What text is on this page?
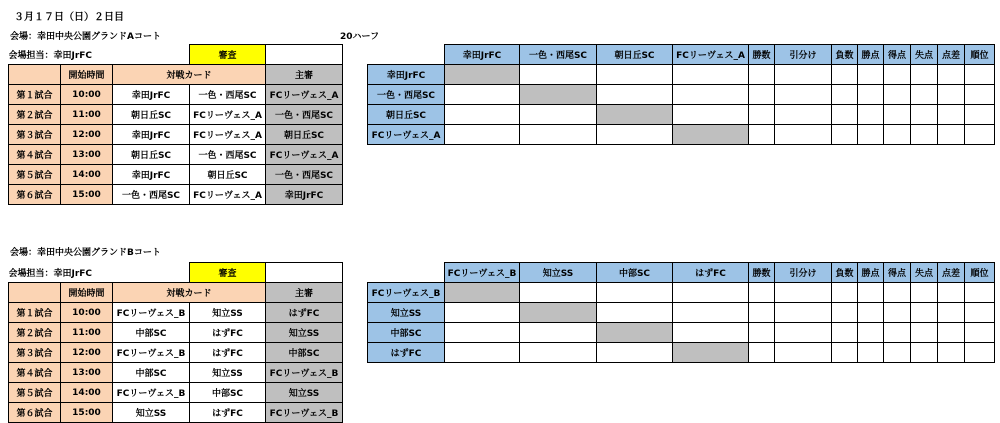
３月１７日（日）２日目
会場：幸田中央公園グランドAコート	20ハーフ
会場担当：幸田JrFC			審査	
	開始時間	対戦カード		主審
第１試合	10:00	幸田JrFC	一色・西尾SC	FCリーヴェス_A
第２試合	11:00	朝日丘SC	FCリーヴェス_A	一色・西尾SC
第３試合	12:00	幸田JrFC	FCリーヴェス_A	朝日丘SC
第４試合	13:00	朝日丘SC	一色・西尾SC	FCリーヴェス_A
第５試合	14:00	幸田JrFC	朝日丘SC	一色・西尾SC
第６試合	15:00	一色・西尾SC	FCリーヴェス_A	幸田JrFC
	幸田JrFC	一色・西尾SC	朝日丘SC	FCリーヴェス_A	勝数	引分け	負数	勝点	得点	失点	点差	順位
幸田JrFC												
一色・西尾SC												
朝日丘SC												
FCリーヴェス_A												
会場：幸田中央公園グランドBコート
会場担当：幸田JrFC			審査	
	開始時間	対戦カード		主審
第１試合	10:00	FCリーヴェス_B	知立SS	はずFC
第２試合	11:00	中部SC	はずFC	知立SS
第３試合	12:00	FCリーヴェス_B	はずFC	中部SC
第４試合	13:00	中部SC	知立SS	FCリーヴェス_B
第５試合	14:00	FCリーヴェス_B	中部SC	知立SS
第６試合	15:00	知立SS	はずFC	FCリーヴェス_B
	FCリーヴェス_B	知立SS	中部SC	はずFC	勝数	引分け	負数	勝点	得点	失点	点差	順位
FCリーヴェス_B												
知立SS												
中部SC												
はずFC												
